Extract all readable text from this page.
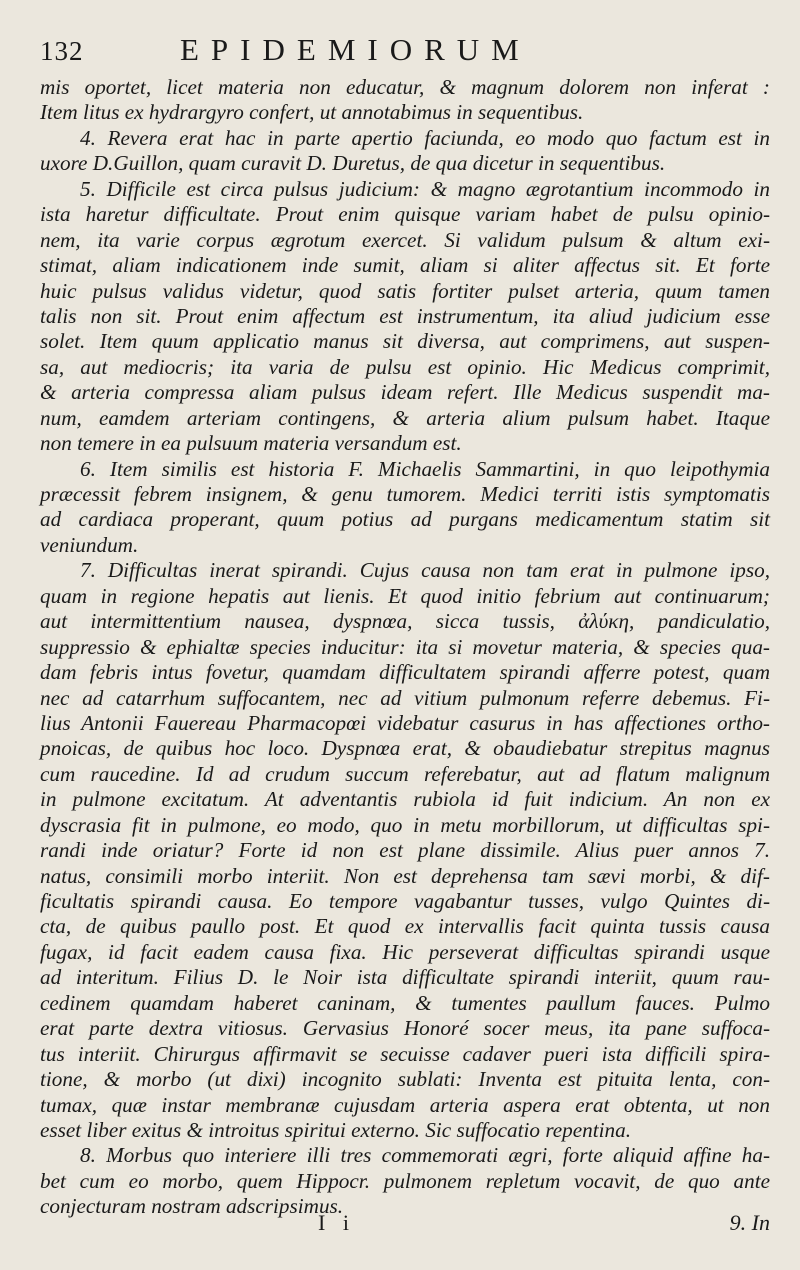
132	EPIDEMIORUM
mis oportet, licet materia non educatur, & magnum dolorem non inferat :
Item litus ex hydrargyro confert, ut annotabimus in sequentibus.
4. Revera erat hac in parte apertio faciunda, eo modo quo factum est in
uxore D.Guillon, quam curavit D. Duretus, de qua dicetur in sequentibus.
5. Difficile est circa pulsus judicium: & magno ægrotantium incommodo in
ista haretur difficultate. Prout enim quisque variam habet de pulsu opinio-
nem, ita varie corpus ægrotum exercet. Si validum pulsum & altum exi-
stimat, aliam indicationem inde sumit, aliam si aliter affectus sit. Et forte
huic pulsus validus videtur, quod satis fortiter pulset arteria, quum tamen
talis non sit. Prout enim affectum est instrumentum, ita aliud judicium esse
solet. Item quum applicatio manus sit diversa, aut comprimens, aut suspen-
sa, aut mediocris; ita varia de pulsu est opinio. Hic Medicus comprimit,
& arteria compressa aliam pulsus ideam refert. Ille Medicus suspendit ma-
num, eamdem arteriam contingens, & arteria alium pulsum habet. Itaque
non temere in ea pulsuum materia versandum est.
6. Item similis est historia F. Michaelis Sammartini, in quo leipothymia
præcessit febrem insignem, & genu tumorem. Medici territi istis symptomatis
ad cardiaca properant, quum potius ad purgans medicamentum statim sit
veniundum.
7. Difficultas inerat spirandi. Cujus causa non tam erat in pulmone ipso,
quam in regione hepatis aut lienis. Et quod initio febrium aut continuarum;
aut intermittentium nausea, dyspnœa, sicca tussis, ἀλύκη, pandiculatio,
suppressio & ephialtæ species inducitur: ita si movetur materia, & species qua-
dam febris intus fovetur, quamdam difficultatem spirandi afferre potest, quam
nec ad catarrhum suffocantem, nec ad vitium pulmonum referre debemus. Fi-
lius Antonii Fauereau Pharmacopœi videbatur casurus in has affectiones ortho-
pnoicas, de quibus hoc loco. Dyspnœa erat, & obaudiebatur strepitus magnus
cum raucedine. Id ad crudum succum referebatur, aut ad flatum malignum
in pulmone excitatum. At adventantis rubiola id fuit indicium. An non ex
dyscrasia fit in pulmone, eo modo, quo in metu morbillorum, ut difficultas spi-
randi inde oriatur? Forte id non est plane dissimile. Alius puer annos 7.
natus, consimili morbo interiit. Non est deprehensa tam sævi morbi, & dif-
ficultatis spirandi causa. Eo tempore vagabantur tusses, vulgo Quintes di-
cta, de quibus paullo post. Et quod ex intervallis facit quinta tussis causa
fugax, id facit eadem causa fixa. Hic perseverat difficultas spirandi usque
ad interitum. Filius D. le Noir ista difficultate spirandi interiit, quum rau-
cedinem quamdam haberet caninam, & tumentes paullum fauces. Pulmo
erat parte dextra vitiosus. Gervasius Honoré socer meus, ita pane suffoca-
tus interiit. Chirurgus affirmavit se secuisse cadaver pueri ista difficili spira-
tione, & morbo (ut dixi) incognito sublati: Inventa est pituita lenta, con-
tumax, quæ instar membranæ cujusdam arteria aspera erat obtenta, ut non
esset liber exitus & introitus spiritui externo. Sic suffocatio repentina.
8. Morbus quo interiere illi tres commemorati ægri, forte aliquid affine ha-
bet cum eo morbo, quem Hippocr. pulmonem repletum vocavit, de quo ante
conjecturam nostram adscripsimus.
I i	9. In
